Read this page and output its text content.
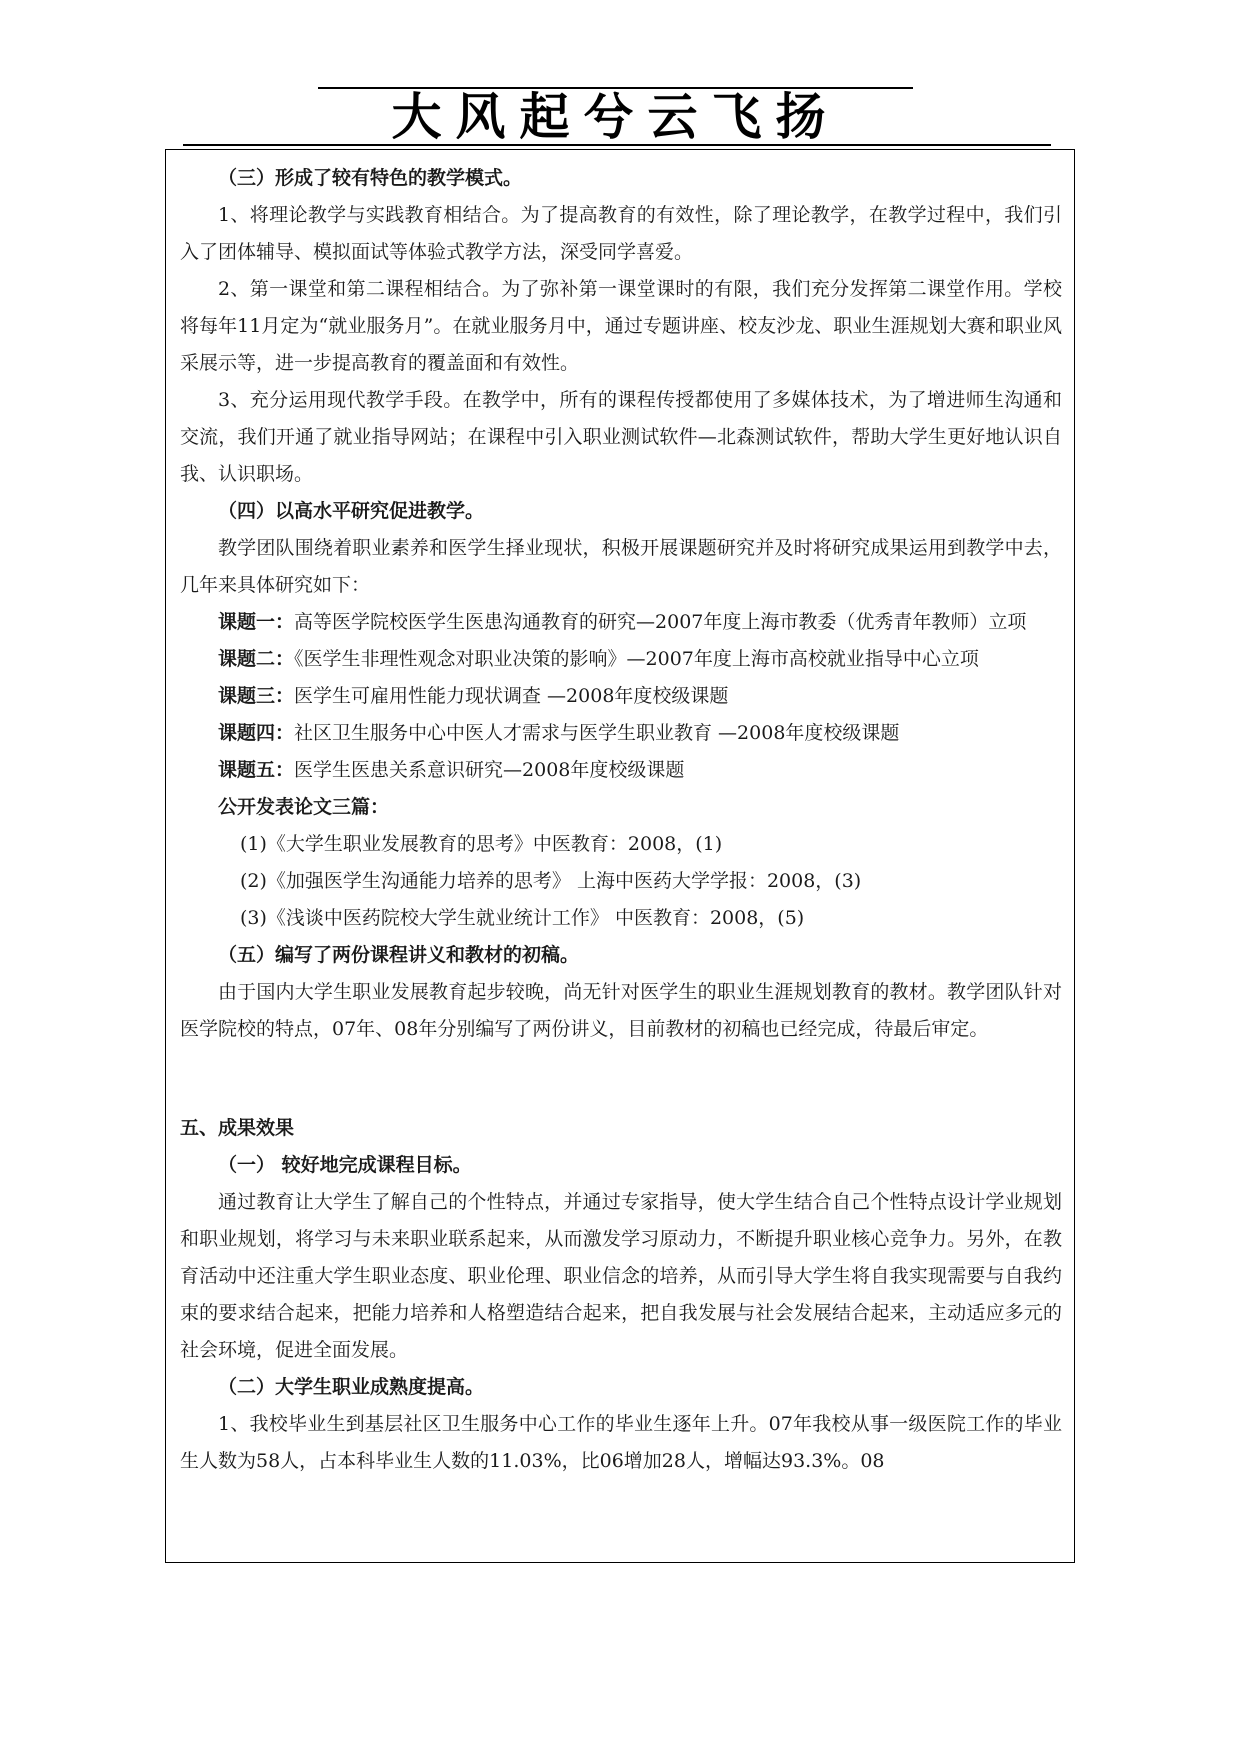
大风起兮云飞扬

（三）形成了较有特色的教学模式。

1、将理论教学与实践教育相结合。为了提高教育的有效性，除了理论教学，在教学过程中，我们引入了团体辅导、模拟面试等体验式教学方法，深受同学喜爱。

2、第一课堂和第二课程相结合。为了弥补第一课堂课时的有限，我们充分发挥第二课堂作用。学校将每年11月定为“就业服务月”。在就业服务月中，通过专题讲座、校友沙龙、职业生涯规划大赛和职业风采展示等，进一步提高教育的覆盖面和有效性。

3、充分运用现代教学手段。在教学中，所有的课程传授都使用了多媒体技术，为了增进师生沟通和交流，我们开通了就业指导网站；在课程中引入职业测试软件—北森测试软件，帮助大学生更好地认识自我、认识职场。

（四）以高水平研究促进教学。

教学团队围绕着职业素养和医学生择业现状，积极开展课题研究并及时将研究成果运用到教学中去，几年来具体研究如下：

课题一：高等医学院校医学生医患沟通教育的研究—2007年度上海市教委（优秀青年教师）立项

课题二：《医学生非理性观念对职业决策的影响》—2007年度上海市高校就业指导中心立项

课题三：医学生可雇用性能力现状调查 —2008年度校级课题

课题四：社区卫生服务中心中医人才需求与医学生职业教育 —2008年度校级课题

课题五：医学生医患关系意识研究—2008年度校级课题

公开发表论文三篇：

(1)《大学生职业发展教育的思考》中医教育：2008，(1)

(2)《加强医学生沟通能力培养的思考》 上海中医药大学学报：2008，(3)

(3)《浅谈中医药院校大学生就业统计工作》 中医教育：2008，(5)

（五）编写了两份课程讲义和教材的初稿。

由于国内大学生职业发展教育起步较晚，尚无针对医学生的职业生涯规划教育的教材。教学团队针对医学院校的特点，07年、08年分别编写了两份讲义，目前教材的初稿也已经完成，待最后审定。

五、成果效果

（一） 较好地完成课程目标。

通过教育让大学生了解自己的个性特点，并通过专家指导，使大学生结合自己个性特点设计学业规划和职业规划，将学习与未来职业联系起来，从而激发学习原动力，不断提升职业核心竞争力。另外，在教育活动中还注重大学生职业态度、职业伦理、职业信念的培养，从而引导大学生将自我实现需要与自我约束的要求结合起来，把能力培养和人格塑造结合起来，把自我发展与社会发展结合起来，主动适应多元的社会环境，促进全面发展。

（二）大学生职业成熟度提高。

1、我校毕业生到基层社区卫生服务中心工作的毕业生逐年上升。07年我校从事一级医院工作的毕业生人数为58人，占本科毕业生人数的11.03%，比06增加28人，增幅达93.3%。08
